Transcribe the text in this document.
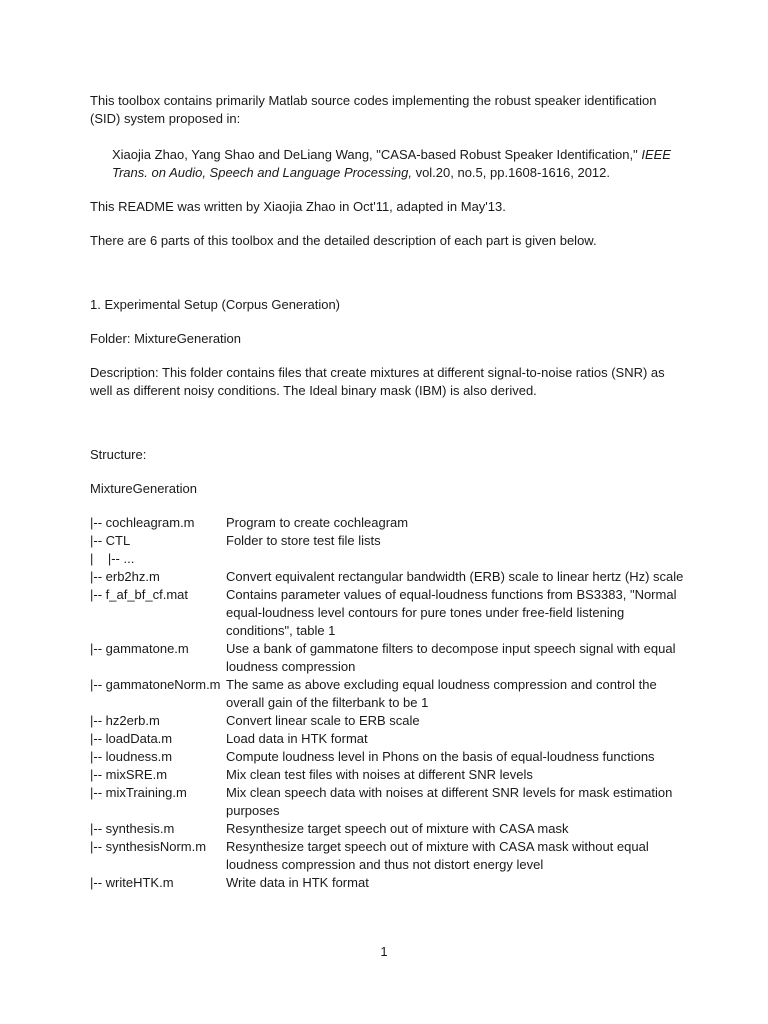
This toolbox contains primarily Matlab source codes implementing the robust speaker identification (SID) system proposed in:

Xiaojia Zhao, Yang Shao and DeLiang Wang, "CASA-based Robust Speaker Identification," IEEE Trans. on Audio, Speech and Language Processing, vol.20, no.5, pp.1608-1616, 2012.

This README was written by Xiaojia Zhao in Oct'11, adapted in May'13.

There are 6 parts of this toolbox and the detailed description of each part is given below.

1. Experimental Setup (Corpus Generation)

Folder: MixtureGeneration

Description: This folder contains files that create mixtures at different signal-to-noise ratios (SNR) as well as different noisy conditions. The Ideal binary mask (IBM) is also derived.

Structure:

MixtureGeneration

|-- cochleagram.m	Program to create cochleagram
|-- CTL	Folder to store test file lists
|    |-- ...
|-- erb2hz.m	Convert equivalent rectangular bandwidth (ERB) scale to linear hertz (Hz) scale
|-- f_af_bf_cf.mat	Contains parameter values of equal-loudness functions from BS3383, "Normal equal-loudness level contours for pure tones under free-field listening conditions", table 1
|-- gammatone.m	Use a bank of gammatone filters to decompose input speech signal with equal loudness compression
|-- gammatoneNorm.m The same as above excluding equal loudness compression and control the overall gain of the filterbank to be 1
|-- hz2erb.m	Convert linear scale to ERB scale
|-- loadData.m	Load data in HTK format
|-- loudness.m	Compute loudness level in Phons on the basis of equal-loudness functions
|-- mixSRE.m	Mix clean test files with noises at different SNR levels
|-- mixTraining.m	Mix clean speech data with noises at different SNR levels for mask estimation purposes
|-- synthesis.m	Resynthesize target speech out of mixture with CASA mask
|-- synthesisNorm.m	Resynthesize target speech out of mixture with CASA mask without equal loudness compression and thus not distort energy level
|-- writeHTK.m	Write data in HTK format
1
